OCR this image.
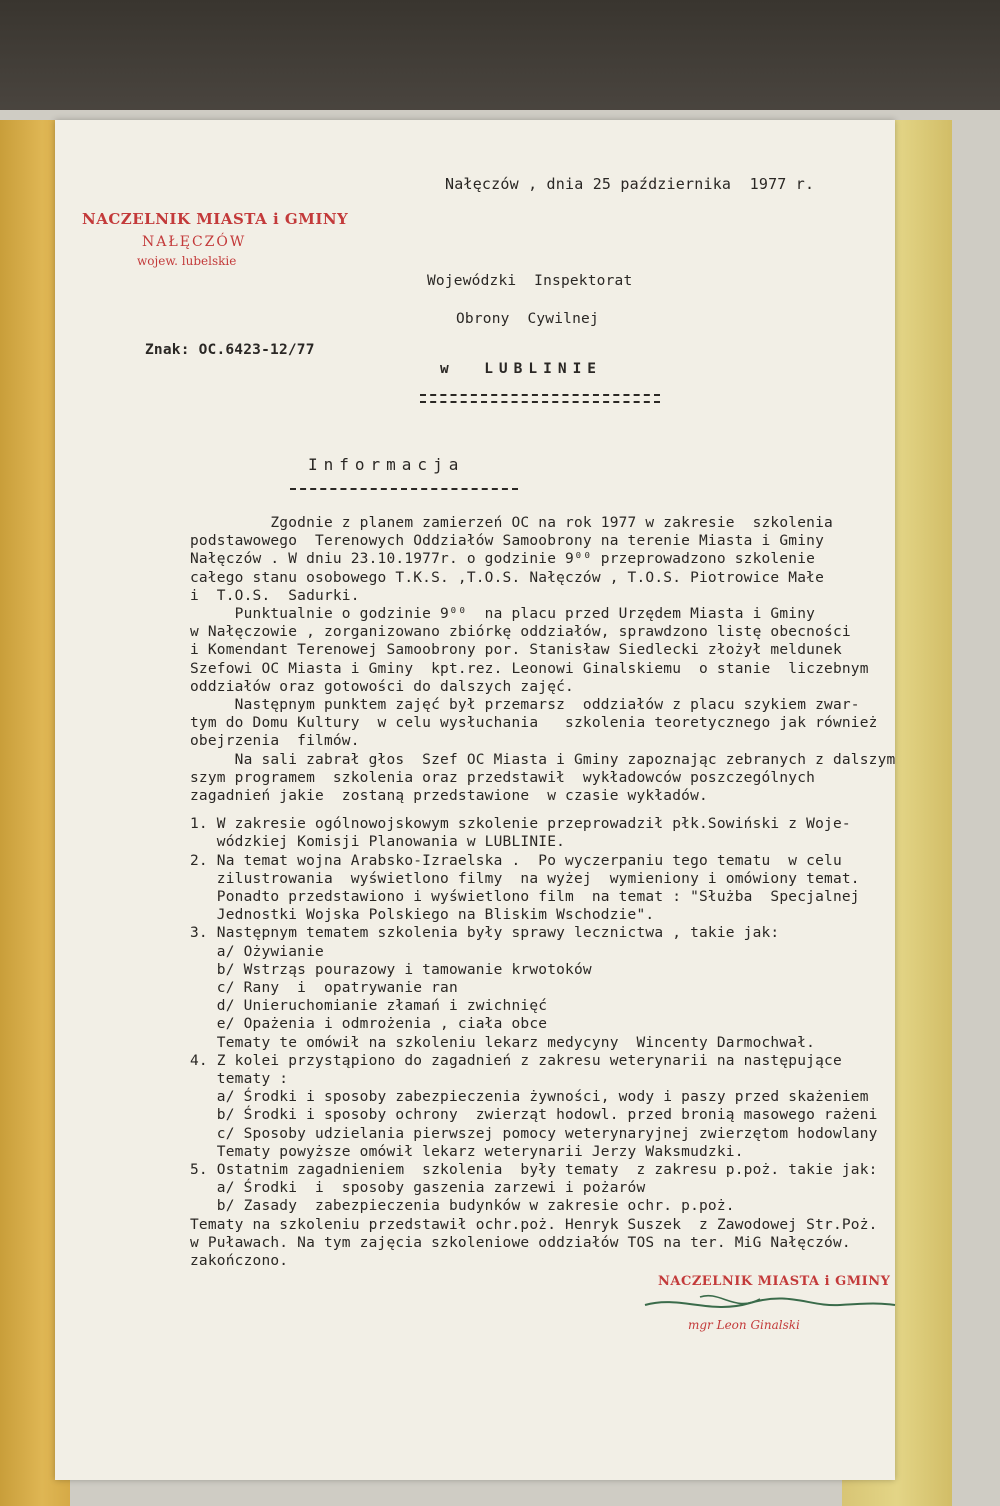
Nałęczów , dnia 25 października  1977 r.
NACZELNIK MIASTA i GMINY
NAŁĘCZÓW
wojew. lubelskie
Wojewódzki  Inspektorat
Obrony  Cywilnej
w  LUBLINIE
Znak: OC.6423-12/77
Informacja
Zgodnie z planem zamierzeń OC na rok 1977 w zakresie  szkolenia
podstawowego  Terenowych Oddziałów Samoobrony na terenie Miasta i Gminy
Nałęczów . W dniu 23.10.1977r. o godzinie 9⁰⁰ przeprowadzono szkolenie
całego stanu osobowego T.K.S. ,T.O.S. Nałęczów , T.O.S. Piotrowice Małe
i  T.O.S.  Sadurki.
Punktualnie o godzinie 9⁰⁰  na placu przed Urzędem Miasta i Gminy
w Nałęczowie , zorganizowano zbiórkę oddziałów, sprawdzono listę obecności
i Komendant Terenowej Samoobrony por. Stanisław Siedlecki złożył meldunek
Szefowi OC Miasta i Gminy  kpt.rez. Leonowi Ginalskiemu  o stanie  liczebnym
oddziałów oraz gotowości do dalszych zajęć.
Następnym punktem zajęć był przemarsz  oddziałów z placu szykiem zwar-
tym do Domu Kultury  w celu wysłuchania   szkolenia teoretycznego jak również
obejrzenia  filmów.
Na sali zabrał głos  Szef OC Miasta i Gminy zapoznając zebranych z dalszym
szym programem  szkolenia oraz przedstawił  wykładowców poszczególnych
zagadnień jakie  zostaną przedstawione  w czasie wykładów.
1. W zakresie ogólnowojskowym szkolenie przeprowadził płk.Sowiński z Woje-
wódzkiej Komisji Planowania w LUBLINIE.
2. Na temat wojna Arabsko-Izraelska .  Po wyczerpaniu tego tematu  w celu
zilustrowania  wyświetlono filmy  na wyżej  wymieniony i omówiony temat.
Ponadto przedstawiono i wyświetlono film  na temat : "Służba  Specjalnej
Jednostki Wojska Polskiego na Bliskim Wschodzie".
3. Następnym tematem szkolenia były sprawy lecznictwa , takie jak:
a/ Ożywianie
b/ Wstrząs pourazowy i tamowanie krwotoków
c/ Rany  i  opatrywanie ran
d/ Unieruchomianie złamań i zwichnięć
e/ Opażenia i odmrożenia , ciała obce
Tematy te omówił na szkoleniu lekarz medycyny  Wincenty Darmochwał.
4. Z kolei przystąpiono do zagadnień z zakresu weterynarii na następujące
tematy :
a/ Środki i sposoby zabezpieczenia żywności, wody i paszy przed skażeniem
b/ Środki i sposoby ochrony  zwierząt hodowl. przed bronią masowego rażeni
c/ Sposoby udzielania pierwszej pomocy weterynaryjnej zwierzętom hodowlany
Tematy powyższe omówił lekarz weterynarii Jerzy Waksmudzki.
5. Ostatnim zagadnieniem  szkolenia  były tematy  z zakresu p.poż. takie jak:
a/ Środki  i  sposoby gaszenia zarzewi i pożarów
b/ Zasady  zabezpieczenia budynków w zakresie ochr. p.poż.
Tematy na szkoleniu przedstawił ochr.poż. Henryk Suszek  z Zawodowej Str.Poż.
w Puławach. Na tym zajęcia szkoleniowe oddziałów TOS na ter. MiG Nałęczów.
zakończono.
NACZELNIK MIASTA i GMINY
mgr Leon Ginalski
